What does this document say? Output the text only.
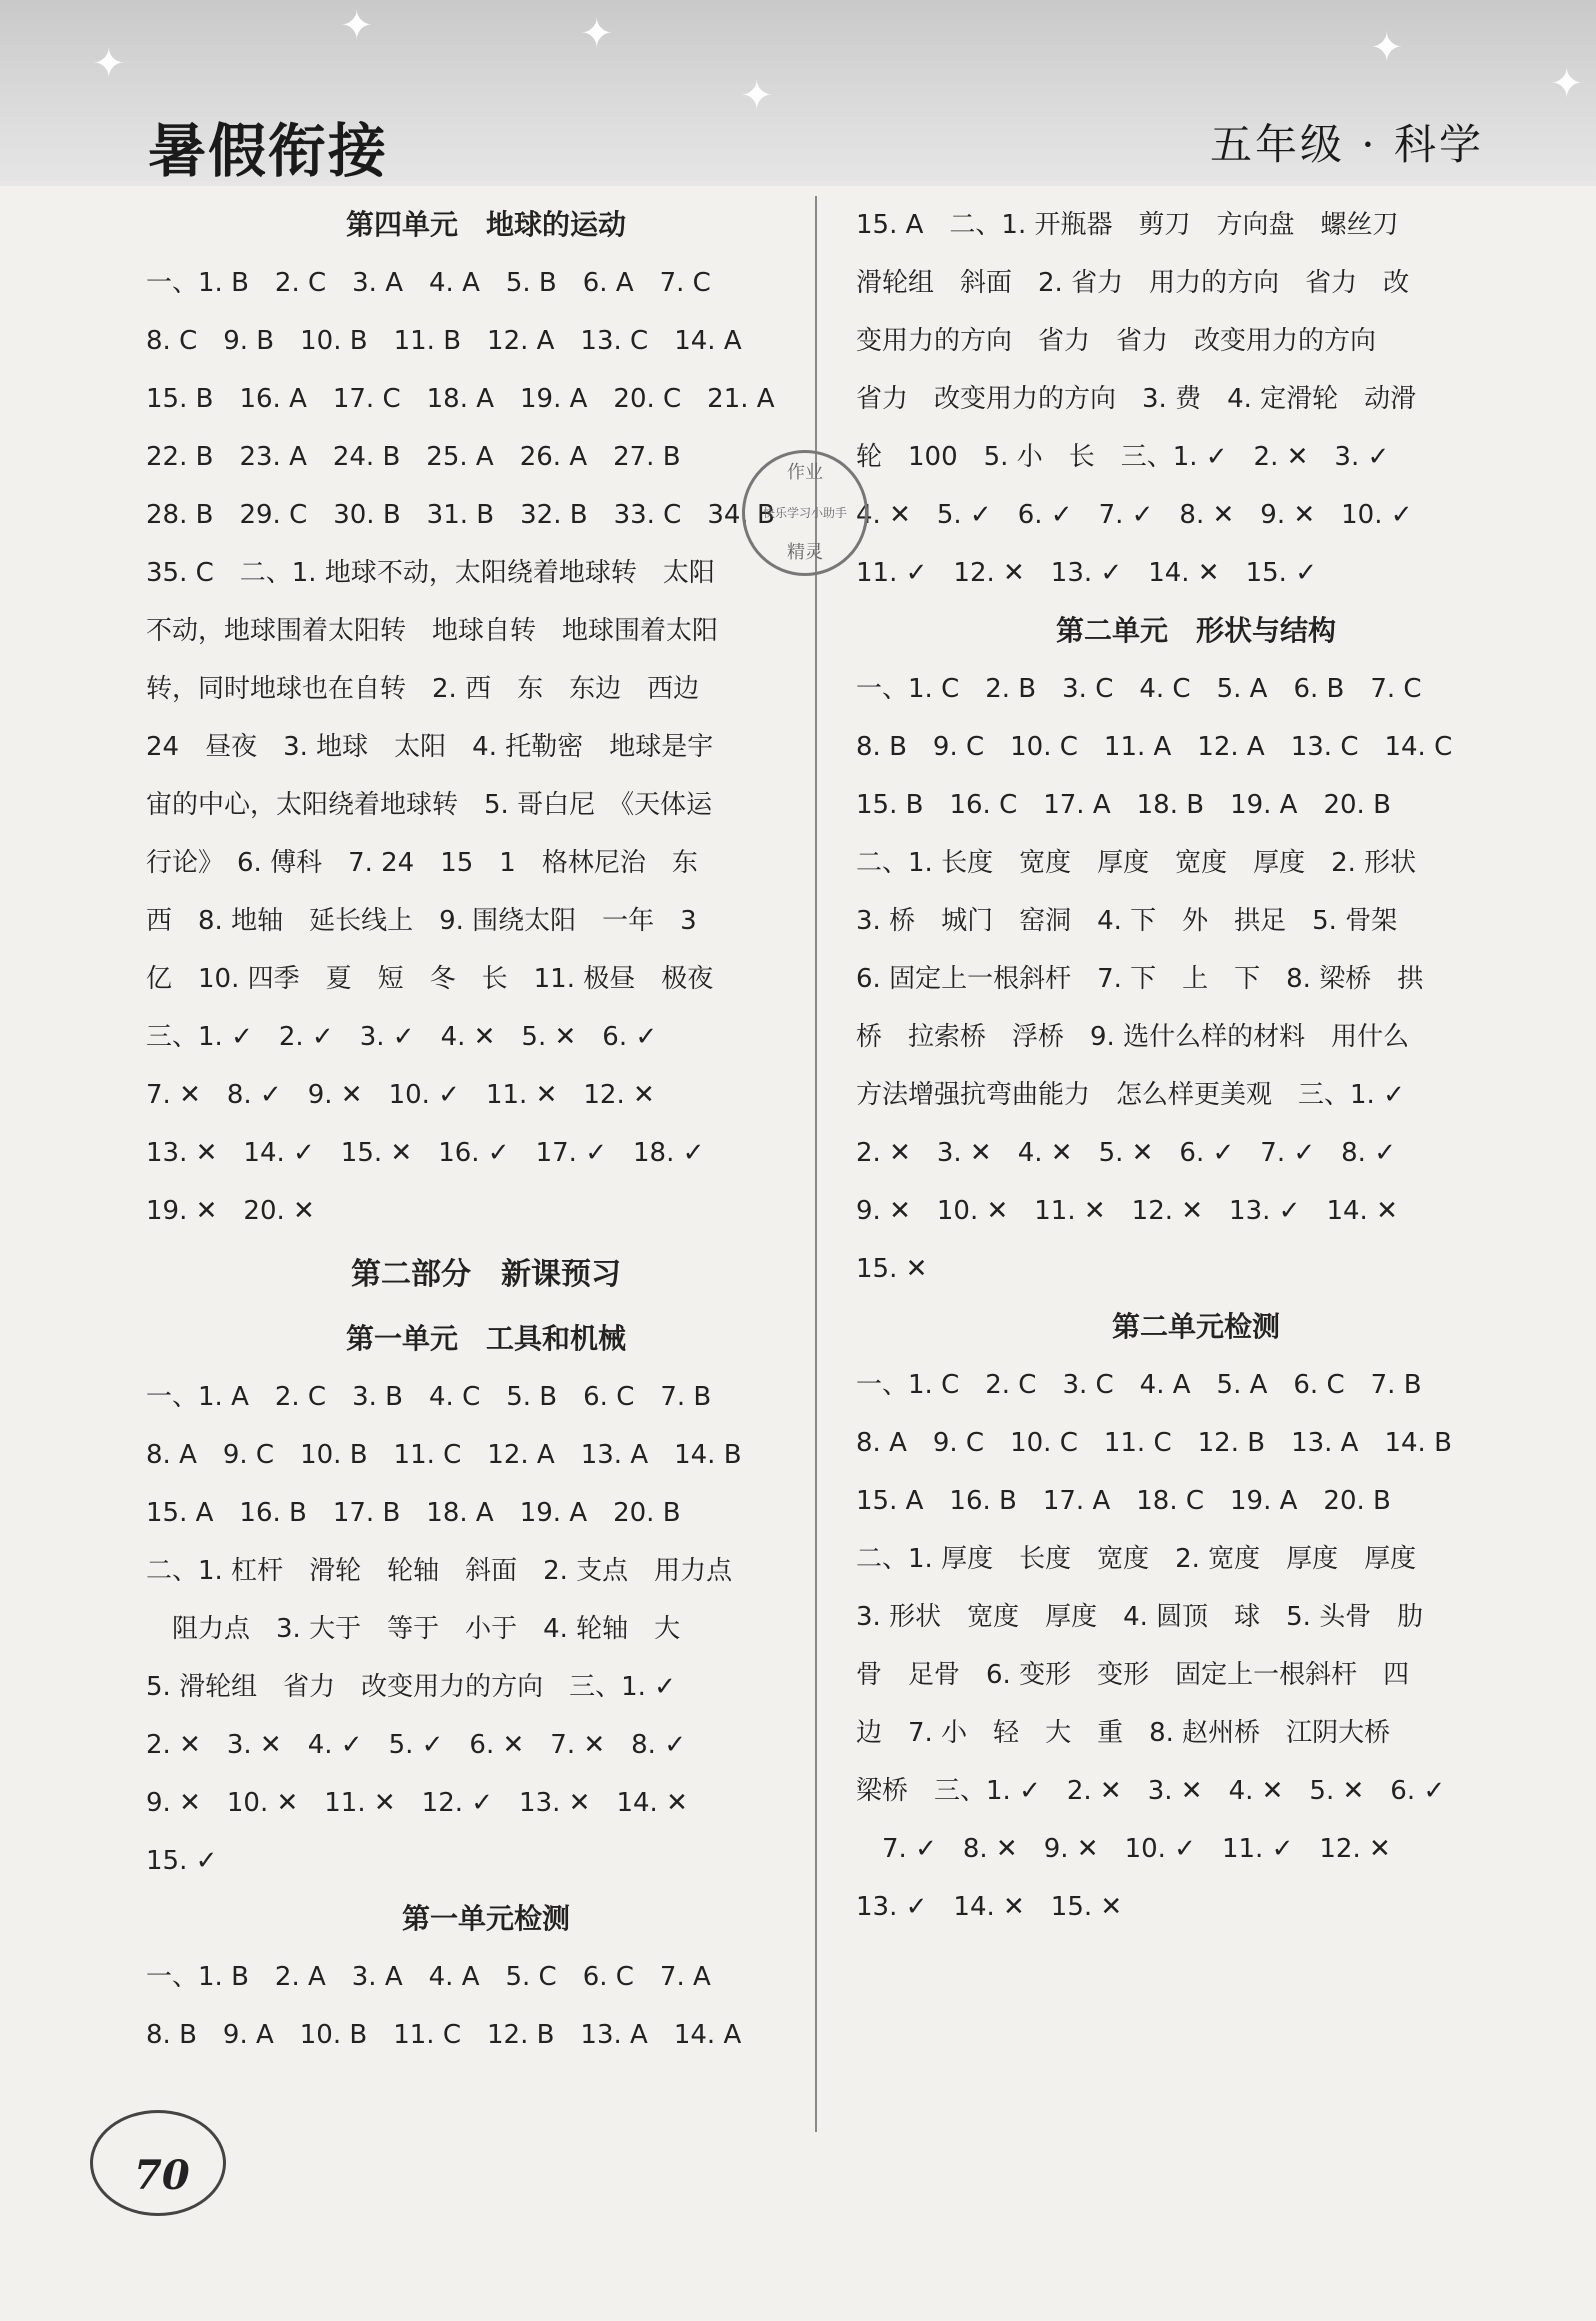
✦
✦	✦
✦
✦
✦
暑假衔接	五年级 · 科学
第四单元　地球的运动
一、1. B　2. C　3. A　4. A　5. B　6. A　7. C
8. C　9. B　10. B　11. B　12. A　13. C　14. A
15. B　16. A　17. C　18. A　19. A　20. C　21. A
22. B　23. A　24. B　25. A　26. A　27. B
28. B　29. C　30. B　31. B　32. B　33. C　34. B
35. C　二、1. 地球不动，太阳绕着地球转　太阳
不动，地球围着太阳转　地球自转　地球围着太阳
转，同时地球也在自转　2. 西　东　东边　西边
24　昼夜　3. 地球　太阳　4. 托勒密　地球是宇
宙的中心，太阳绕着地球转　5. 哥白尼　《天体运
行论》　6. 傅科　7. 24　15　1　格林尼治　东
西　8. 地轴　延长线上　9. 围绕太阳　一年　3
亿　10. 四季　夏　短　冬　长　11. 极昼　极夜
三、1. ✓　2. ✓　3. ✓　4. ✕　5. ✕　6. ✓
7. ✕　8. ✓　9. ✕　10. ✓　11. ✕　12. ✕
13. ✕　14. ✓　15. ✕　16. ✓　17. ✓　18. ✓
19. ✕　20. ✕
第二部分　新课预习
第一单元　工具和机械
一、1. A　2. C　3. B　4. C　5. B　6. C　7. B
8. A　9. C　10. B　11. C　12. A　13. A　14. B
15. A　16. B　17. B　18. A　19. A　20. B
二、1. 杠杆　滑轮　轮轴　斜面　2. 支点　用力点
　阻力点　3. 大于　等于　小于　4. 轮轴　大
5. 滑轮组　省力　改变用力的方向　三、1. ✓
2. ✕　3. ✕　4. ✓　5. ✓　6. ✕　7. ✕　8. ✓
9. ✕　10. ✕　11. ✕　12. ✓　13. ✕　14. ✕
15. ✓
第一单元检测
一、1. B　2. A　3. A　4. A　5. C　6. C　7. A
8. B　9. A　10. B　11. C　12. B　13. A　14. A
15. A　二、1. 开瓶器　剪刀　方向盘　螺丝刀
滑轮组　斜面　2. 省力　用力的方向　省力　改
变用力的方向　省力　省力　改变用力的方向
省力　改变用力的方向　3. 费　4. 定滑轮　动滑
轮　100　5. 小　长　三、1. ✓　2. ✕　3. ✓
4. ✕　5. ✓　6. ✓　7. ✓　8. ✕　9. ✕　10. ✓
11. ✓　12. ✕　13. ✓　14. ✕　15. ✓
第二单元　形状与结构
一、1. C　2. B　3. C　4. C　5. A　6. B　7. C
8. B　9. C　10. C　11. A　12. A　13. C　14. C
15. B　16. C　17. A　18. B　19. A　20. B
二、1. 长度　宽度　厚度　宽度　厚度　2. 形状
3. 桥　城门　窑洞　4. 下　外　拱足　5. 骨架
6. 固定上一根斜杆　7. 下　上　下　8. 梁桥　拱
桥　拉索桥　浮桥　9. 选什么样的材料　用什么
方法增强抗弯曲能力　怎么样更美观　三、1. ✓
2. ✕　3. ✕　4. ✕　5. ✕　6. ✓　7. ✓　8. ✓
9. ✕　10. ✕　11. ✕　12. ✕　13. ✓　14. ✕
15. ✕
第二单元检测
一、1. C　2. C　3. C　4. A　5. A　6. C　7. B
8. A　9. C　10. C　11. C　12. B　13. A　14. B
15. A　16. B　17. A　18. C　19. A　20. B
二、1. 厚度　长度　宽度　2. 宽度　厚度　厚度
3. 形状　宽度　厚度　4. 圆顶　球　5. 头骨　肋
骨　足骨　6. 变形　变形　固定上一根斜杆　四
边　7. 小　轻　大　重　8. 赵州桥　江阴大桥
梁桥　三、1. ✓　2. ✕　3. ✕　4. ✕　5. ✕　6. ✓
　7. ✓　8. ✕　9. ✕　10. ✓　11. ✓　12. ✕
13. ✓　14. ✕　15. ✕
作业
快乐学习小助手
精灵
70
